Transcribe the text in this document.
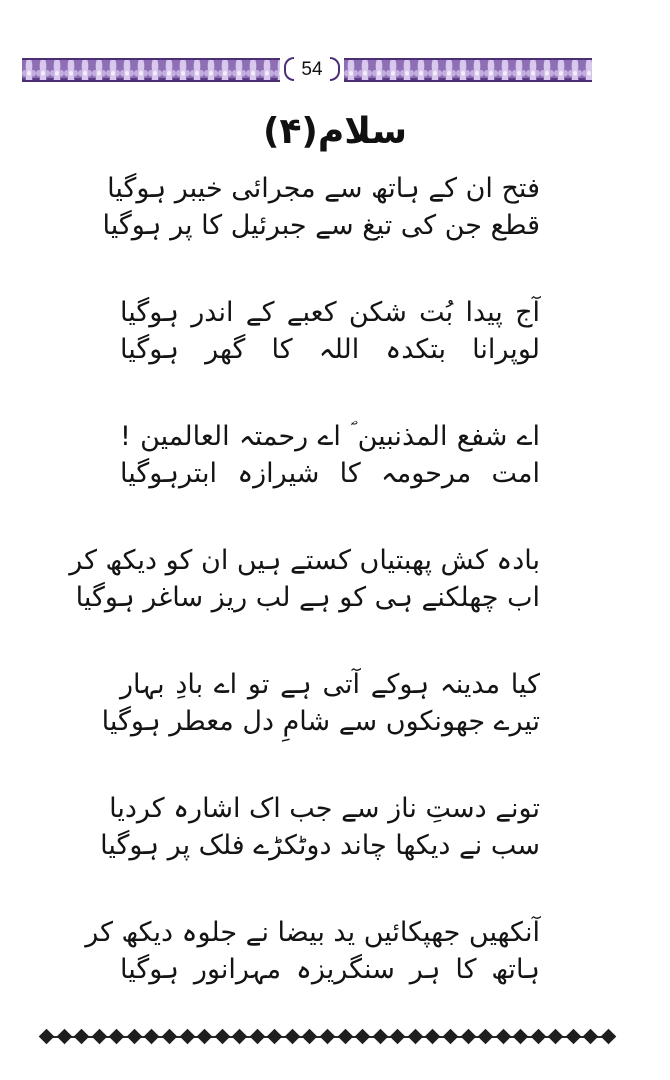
54
سلام(۴)
فتح ان کے ہاتھ سے مجرائی خیبر ہوگیا
قطع جن کی تیغ سے جبرئیل کا پر ہوگیا
آج پیدا بُت شکن کعبے کے اندر ہوگیا
لوپرانا بتکدہ اللہ کا گھر ہوگیا
اے شفع المذنبین ؐ اے رحمتہ العالمین !
امت مرحومہ کا شیرازہ ابترہوگیا
بادہ کش پھبتیاں کستے ہیں ان کو دیکھ کر
اب چھلکنے ہی کو ہے لب ریز ساغر ہوگیا
کیا مدینہ ہوکے آتی ہے تو اے بادِ بہار
تیرے جھونکوں سے شامِ دل معطر ہوگیا
تونے دستِ ناز سے جب اک اشارہ کردیا
سب نے دیکھا چاند دوٹکڑے فلک پر ہوگیا
آنکھیں جھپکائیں ید بیضا نے جلوہ دیکھ کر
ہاتھ کا ہر سنگریزہ مہرانور ہوگیا
